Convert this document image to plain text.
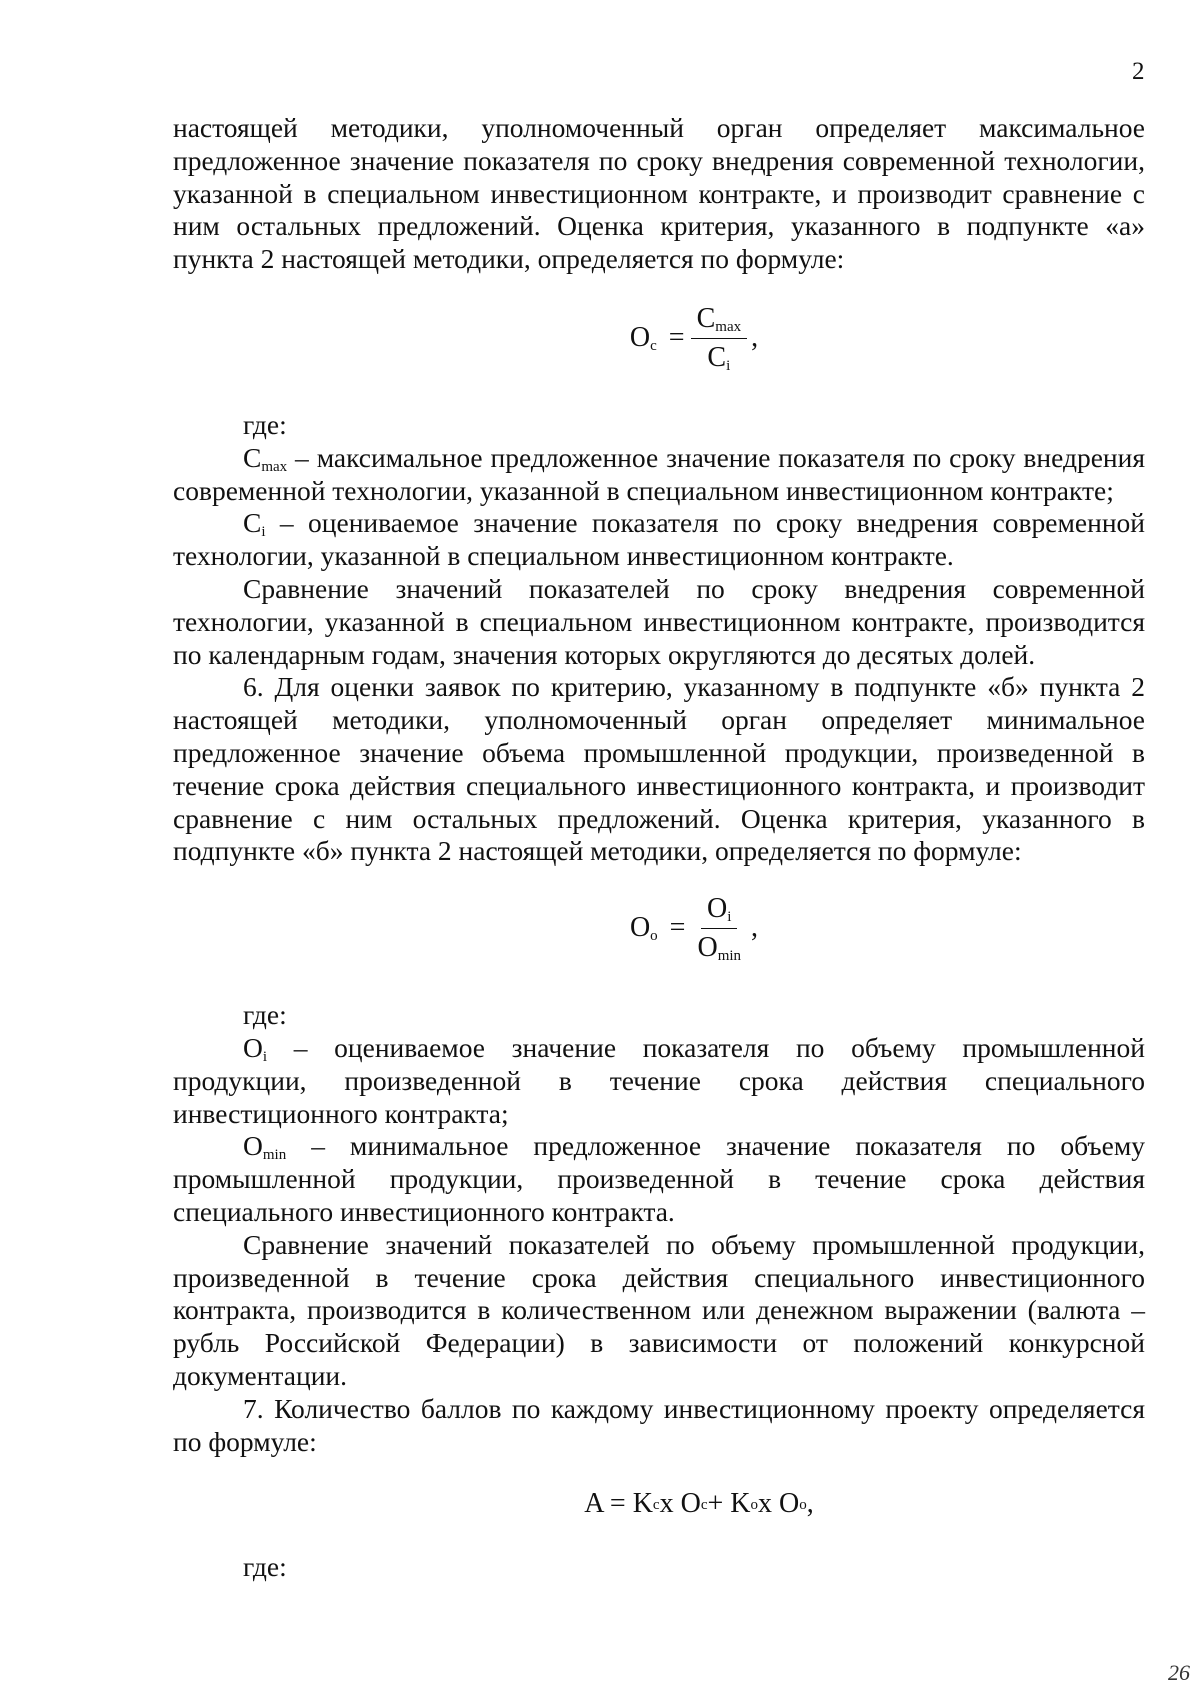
2

настоящей методики, уполномоченный орган определяет максимальное предложенное значение показателя по сроку внедрения современной технологии, указанной в специальном инвестиционном контракте, и производит сравнение с ним остальных предложений. Оценка критерия, указанного в подпункте «а» пункта 2 настоящей методики, определяется по формуле:

$O_c = \frac{C_{max}}{C_i}$ ,

где:

$C_{max}$ – максимальное предложенное значение показателя по сроку внедрения современной технологии, указанной в специальном инвестиционном контракте;

$C_i$ – оцениваемое значение показателя по сроку внедрения современной технологии, указанной в специальном инвестиционном контракте.

Сравнение значений показателей по сроку внедрения современной технологии, указанной в специальном инвестиционном контракте, производится по календарным годам, значения которых округляются до десятых долей.

6. Для оценки заявок по критерию, указанному в подпункте «б» пункта 2 настоящей методики, уполномоченный орган определяет минимальное предложенное значение объема промышленной продукции, произведенной в течение срока действия специального инвестиционного контракта, и производит сравнение с ним остальных предложений. Оценка критерия, указанного в подпункте «б» пункта 2 настоящей методики, определяется по формуле:

$O_o = \frac{O_i}{O_{min}}$ ,

где:

$O_i$ – оцениваемое значение показателя по объему промышленной продукции, произведенной в течение срока действия специального инвестиционного контракта;

$O_{min}$ – минимальное предложенное значение показателя по объему промышленной продукции, произведенной в течение срока действия специального инвестиционного контракта.

Сравнение значений показателей по объему промышленной продукции, произведенной в течение срока действия специального инвестиционного контракта, производится в количественном или денежном выражении (валюта – рубль Российской Федерации) в зависимости от положений конкурсной документации.

7. Количество баллов по каждому инвестиционному проекту определяется по формуле:

A = K c x O c + K o x O o ,

где:

26
